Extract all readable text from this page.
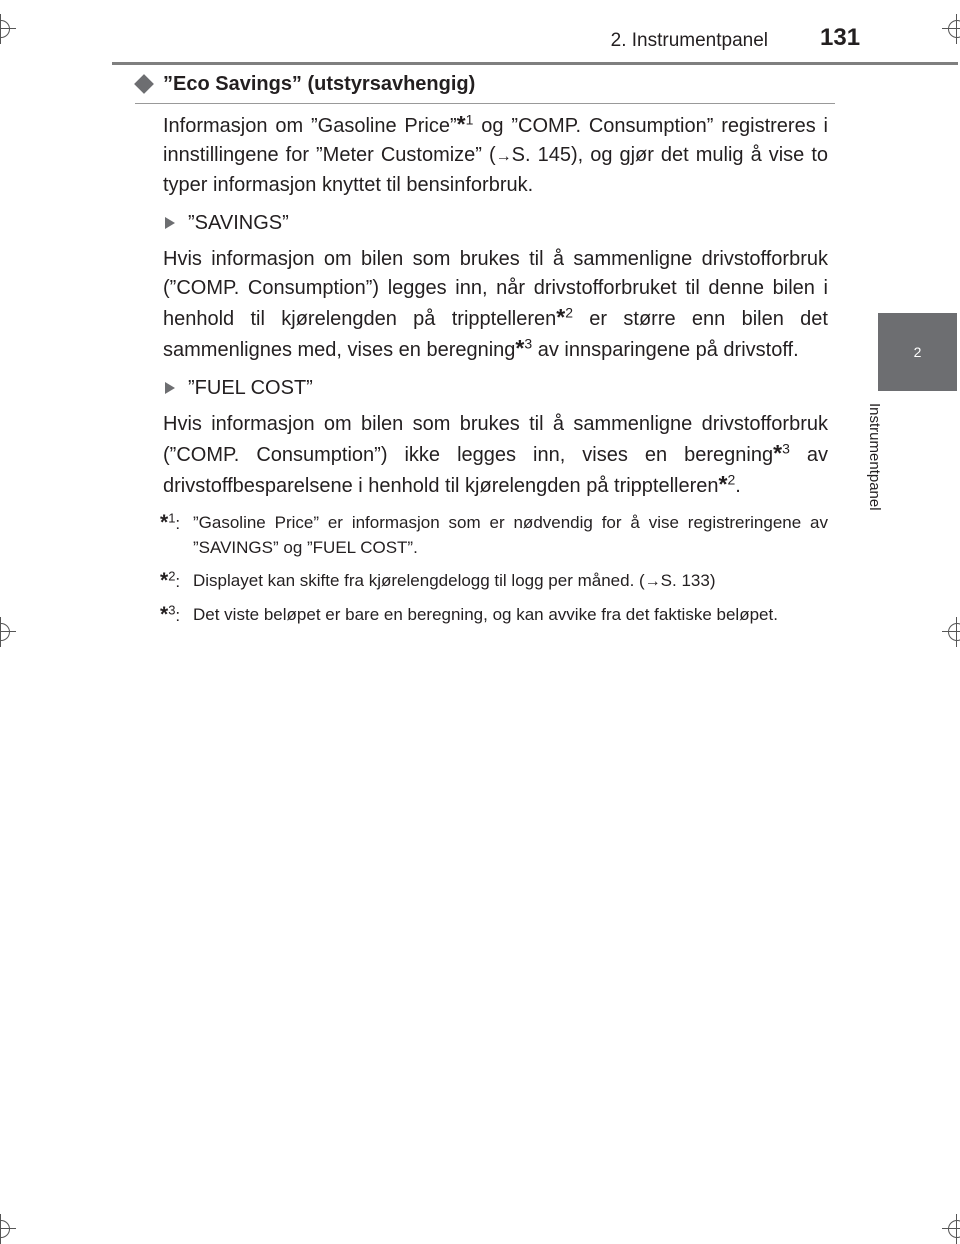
2. Instrumentpanel 131
2
Instrumentpanel
”Eco Savings” (utstyrsavhengig)

Informasjon om ”Gasoline Price”*$^1$ og ”COMP. Consumption” registreres i innstillingene for ”Meter Customize” (→S. 145), og gjør det mulig å vise to typer informasjon knyttet til bensinforbruk.

”SAVINGS”

Hvis informasjon om bilen som brukes til å sammenligne drivstofforbruk (”COMP. Consumption”) legges inn, når drivstofforbruket til denne bilen i henhold til kjørelengden på tripptelleren*$^2$ er større enn bilen det sammenlignes med, vises en beregning*$^3$ av innsparingene på drivstoff.

”FUEL COST”

Hvis informasjon om bilen som brukes til å sammenligne drivstofforbruk (”COMP. Consumption”) ikke legges inn, vises en beregning*$^3$ av drivstoffbesparelsene i henhold til kjørelengden på tripptelleren*$^2$.

*$^1$: ”Gasoline Price” er informasjon som er nødvendig for å vise registreringene av ”SAVINGS” og ”FUEL COST”.
*$^2$: Displayet kan skifte fra kjørelengdelogg til logg per måned. (→S. 133)
*$^3$: Det viste beløpet er bare en beregning, og kan avvike fra det faktiske beløpet.
